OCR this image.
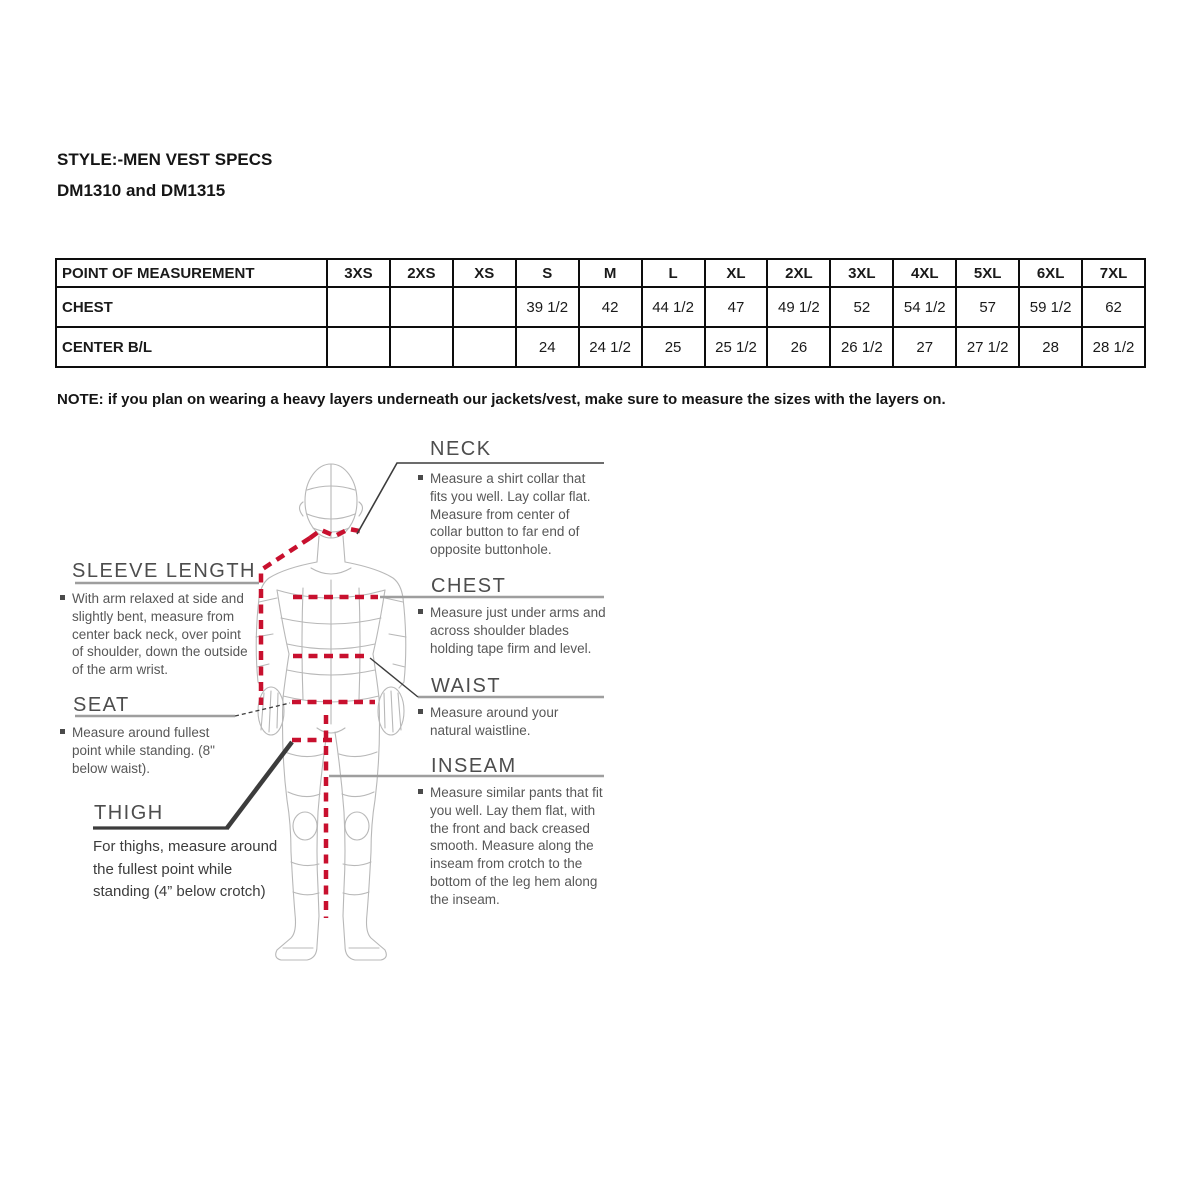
STYLE:-MEN VEST SPECS
DM1310 and DM1315
POINT OF MEASUREMENT	3XS	2XS	XS	S	M	L	XL	2XL	3XL	4XL	5XL	6XL	7XL
CHEST				39 1/2	42	44 1/2	47	49 1/2	52	54 1/2	57	59 1/2	62
CENTER B/L				24	24 1/2	25	25 1/2	26	26 1/2	27	27 1/2	28	28 1/2
NOTE: if you plan on wearing a heavy layers underneath our jackets/vest, make sure to measure the sizes with the layers on.
NECK
Measure a shirt collar that fits you well. Lay collar flat. Measure from center of collar button to far end of opposite buttonhole.
SLEEVE LENGTH
With arm relaxed at side and slightly bent, measure from center back neck, over point of shoulder, down the outside of the arm wrist.
CHEST
Measure just under arms and across shoulder blades holding tape firm and level.
WAIST
Measure around your natural waistline.
SEAT
Measure around fullest point while standing. (8" below waist).	INSEAM
Measure similar pants that fit you well. Lay them flat, with the front and back creased smooth. Measure along the inseam from crotch to the bottom of the leg hem along the inseam.
THIGH
For thighs, measure around the fullest point while standing (4” below crotch)
